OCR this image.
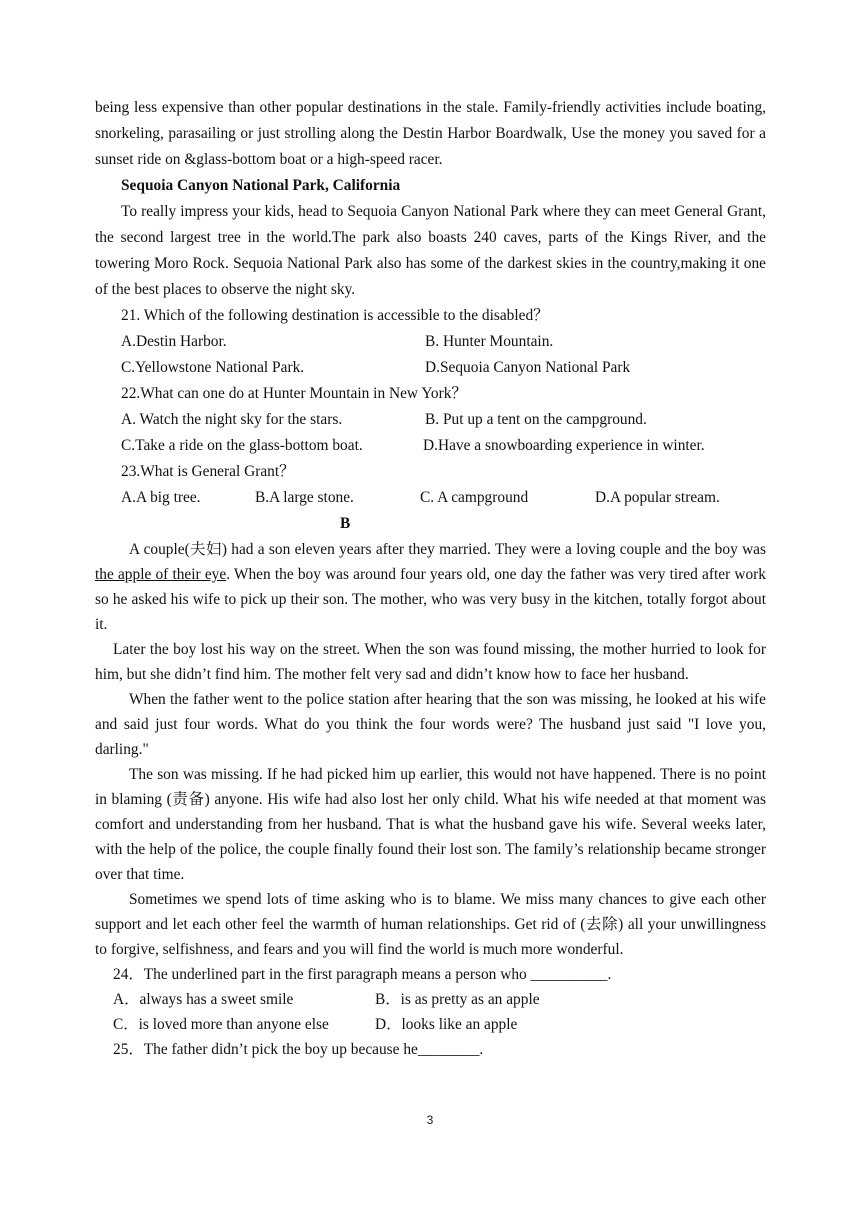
being less expensive than other popular destinations in the stale. Family-friendly activities include boating, snorkeling, parasailing or just strolling along the Destin Harbor Boardwalk, Use the money you saved for a sunset ride on &glass-bottom boat or a high-speed racer.

Sequoia Canyon National Park, California

To really impress your kids, head to Sequoia Canyon National Park where they can meet General Grant, the second largest tree in the world.The park also boasts 240 caves, parts of the Kings River, and the towering Moro Rock. Sequoia National Park also has some of the darkest skies in the country,making it one of the best places to observe the night sky.

21. Which of the following destination is accessible to the disabled？

A.Destin Harbor.	B. Hunter Mountain.
C.Yellowstone National Park.	D.Sequoia Canyon National Park

22.What can one do at Hunter Mountain in New York？

A. Watch the night sky for the stars.	B. Put up a tent on the campground.
C.Take a ride on the glass-bottom boat.	D.Have a snowboarding experience in winter.

23.What is General Grant？

A.A big tree.	B.A large stone.	C. A campground	D.A popular stream.

B

A couple(夫妇) had a son eleven years after they married. They were a loving couple and the boy was the apple of their eye. When the boy was around four years old, one day the father was very tired after work so he asked his wife to pick up their son. The mother, who was very busy in the kitchen, totally forgot about it.

Later the boy lost his way on the street. When the son was found missing, the mother hurried to look for him, but she didn’t find him. The mother felt very sad and didn’t know how to face her husband.

When the father went to the police station after hearing that the son was missing, he looked at his wife and said just four words. What do you think the four words were? The husband just said "I love you, darling."

The son was missing. If he had picked him up earlier, this would not have happened. There is no point in blaming (责备) anyone. His wife had also lost her only child. What his wife needed at that moment was comfort and understanding from her husband. That is what the husband gave his wife. Several weeks later, with the help of the police, the couple finally found their lost son. The family’s relationship became stronger over that time.

Sometimes we spend lots of time asking who is to blame. We miss many chances to give each other support and let each other feel the warmth of human relationships. Get rid of (去除) all your unwillingness to forgive, selfishness, and fears and you will find the world is much more wonderful.

24．The underlined part in the first paragraph means a person who __________.

A．always has a sweet smile	B．is as pretty as an apple
C．is loved more than anyone else	D．looks like an apple

25．The father didn’t pick the boy up because he________.

3
